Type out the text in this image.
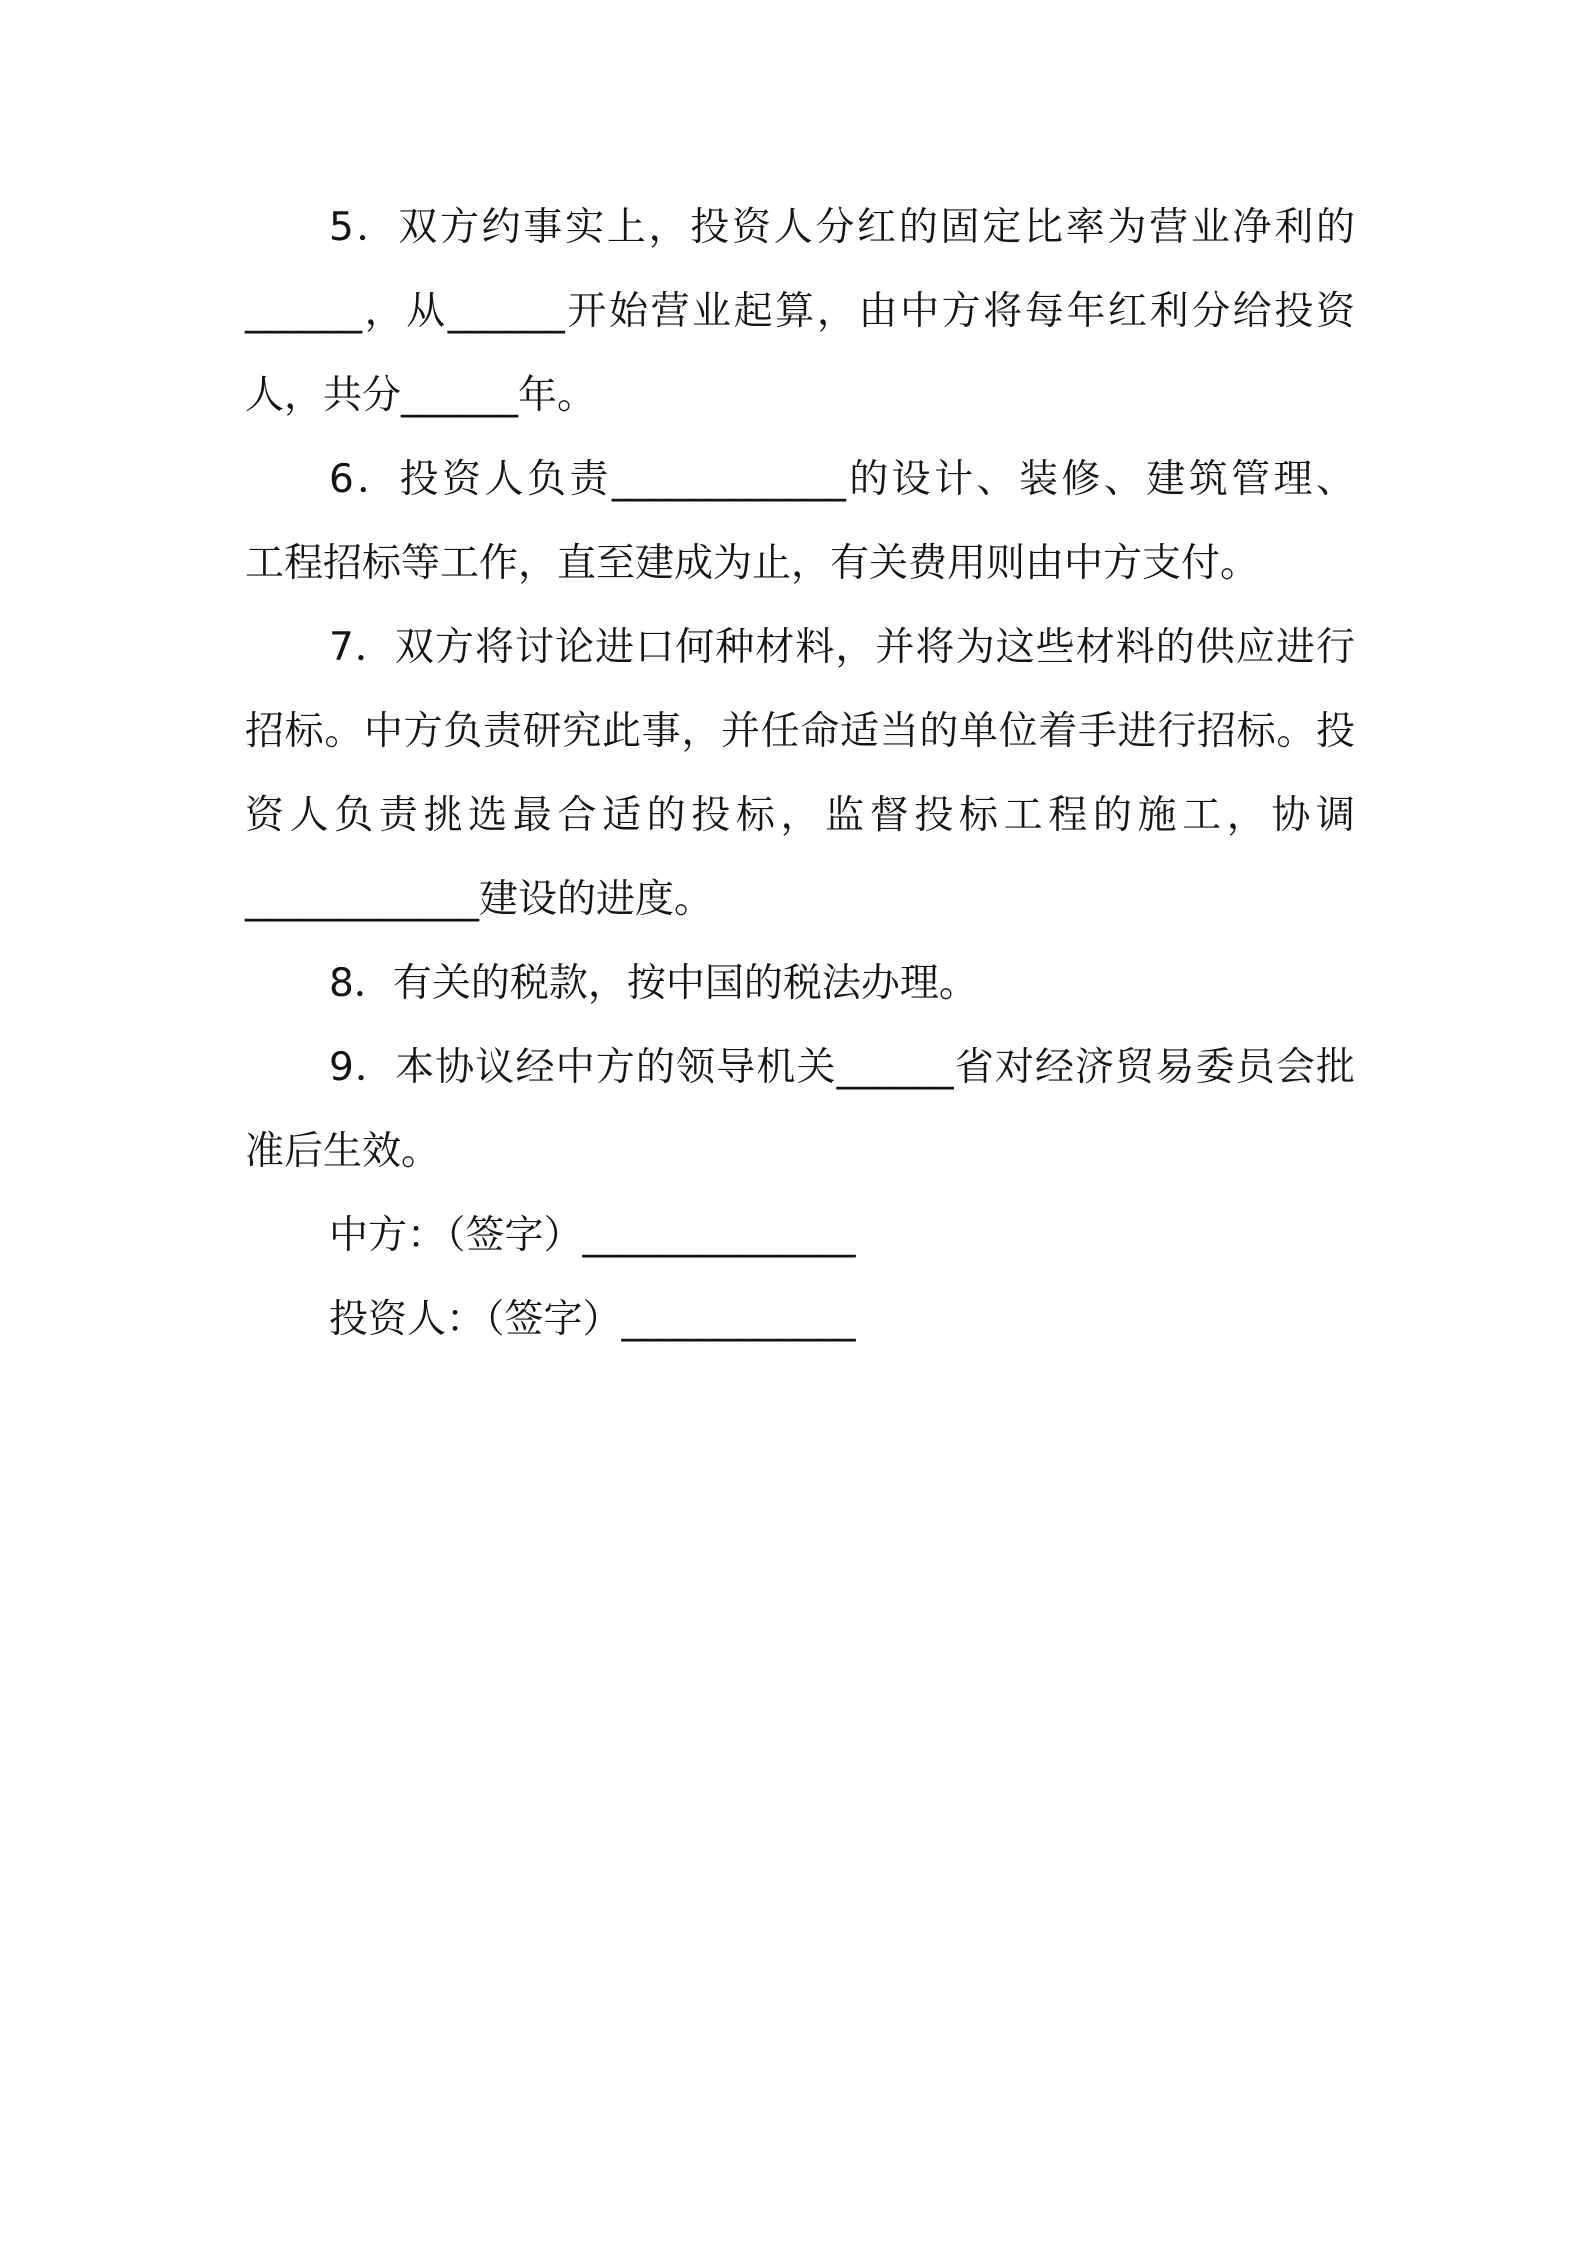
5．双方约事实上，投资人分红的固定比率为营业净利的
______，从______开始营业起算，由中方将每年红利分给投资
人，共分______年。
6．投资人负责____________的设计、装修、建筑管理、
工程招标等工作，直至建成为止，有关费用则由中方支付。
7．双方将讨论进口何种材料，并将为这些材料的供应进行
招标。中方负责研究此事，并任命适当的单位着手进行招标。投
资人负责挑选最合适的投标，监督投标工程的施工，协调
____________建设的进度。
8．有关的税款，按中国的税法办理。
9．本协议经中方的领导机关______省对经济贸易委员会批
准后生效。
中方：（签字）______________
投资人：（签字）____________
